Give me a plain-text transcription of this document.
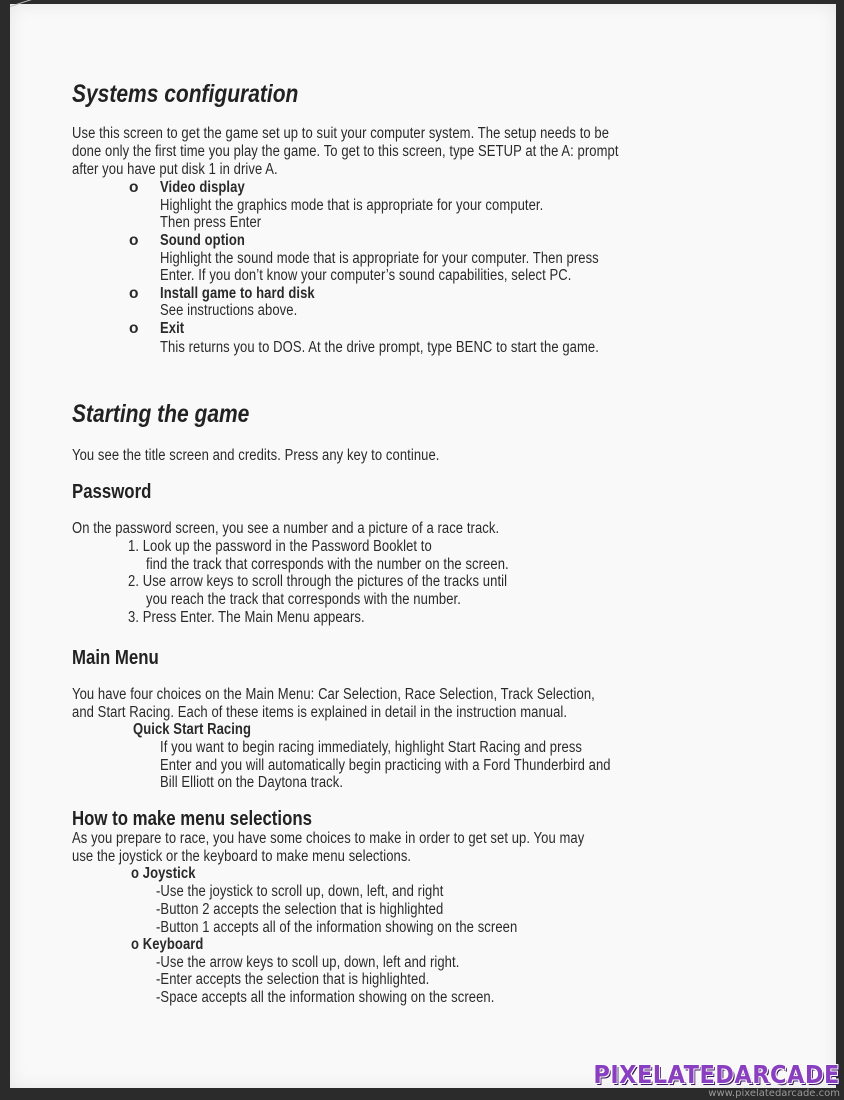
Systems configuration
Use this screen to get the game set up to suit your computer system. The setup needs to be
done only the first time you play the game. To get to this screen, type SETUP at the A: prompt
after you have put disk 1 in drive A.
o Video display
Highlight the graphics mode that is appropriate for your computer.
Then press Enter
o Sound option
Highlight the sound mode that is appropriate for your computer. Then press
Enter. If you don’t know your computer’s sound capabilities, select PC.
o Install game to hard disk
See instructions above.
o Exit
This returns you to DOS. At the drive prompt, type BENC to start the game.
Starting the game
You see the title screen and credits. Press any key to continue.
Password
On the password screen, you see a number and a picture of a race track.
1. Look up the password in the Password Booklet to
find the track that corresponds with the number on the screen.
2. Use arrow keys to scroll through the pictures of the tracks until
you reach the track that corresponds with the number.
3. Press Enter. The Main Menu appears.
Main Menu
You have four choices on the Main Menu: Car Selection, Race Selection, Track Selection,
and Start Racing. Each of these items is explained in detail in the instruction manual.
Quick Start Racing
If you want to begin racing immediately, highlight Start Racing and press
Enter and you will automatically begin practicing with a Ford Thunderbird and
Bill Elliott on the Daytona track.
How to make menu selections
As you prepare to race, you have some choices to make in order to get set up. You may
use the joystick or the keyboard to make menu selections.
o Joystick
-Use the joystick to scroll up, down, left, and right
-Button 2 accepts the selection that is highlighted
-Button 1 accepts all of the information showing on the screen
o Keyboard
-Use the arrow keys to scoll up, down, left and right.
-Enter accepts the selection that is highlighted.
-Space accepts all the information showing on the screen.
PIXELATEDARCADE
www.pixelatedarcade.com
